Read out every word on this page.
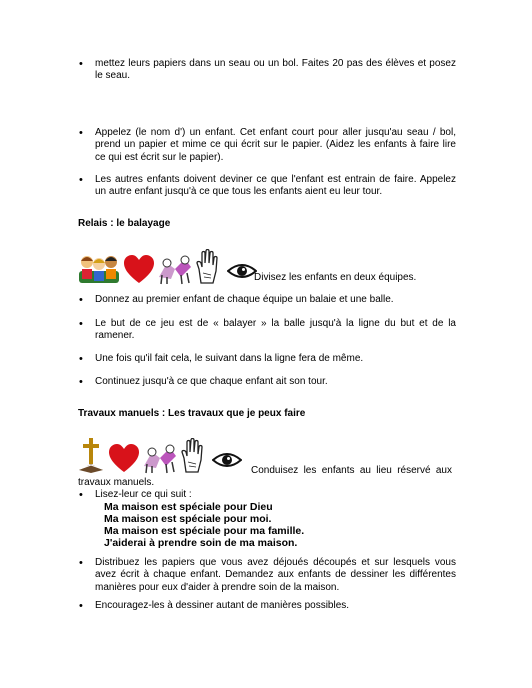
•	mettez leurs papiers dans un seau ou un bol. Faites 20 pas des élèves et posez le seau.
•	Appelez (le nom d') un enfant. Cet enfant court pour aller jusqu'au seau / bol, prend un papier et mime ce qui écrit sur le papier. (Aidez les enfants à faire lire ce qui est écrit sur le papier).
•	Les autres enfants doivent deviner ce que l'enfant est entrain de faire. Appelez un autre enfant jusqu'à ce que tous les enfants aient eu leur tour.
Relais : le balayage
Divisez les enfants en deux équipes.
•	Donnez au premier enfant de chaque équipe un balaie et une balle.
•	Le but de ce jeu est de « balayer » la balle jusqu'à la ligne du but et de la ramener.
•	Une fois qu'il fait cela, le suivant dans la ligne fera de même.
•	Continuez jusqu'à ce que chaque enfant ait son tour.
Travaux manuels : Les travaux que je peux faire
Conduisez les enfants au lieu réservé aux
travaux manuels.
•	Lisez-leur ce qui suit :
Ma maison est spéciale pour Dieu
Ma maison est spéciale pour moi.
Ma maison est spéciale pour ma famille.
J'aiderai à prendre soin de ma maison.
•	Distribuez les papiers que vous avez déjoués découpés et sur lesquels vous avez écrit à chaque enfant. Demandez aux enfants de dessiner les différentes manières pour eux d'aider à prendre soin de la maison.
•	Encouragez-les à dessiner autant de manières possibles.
